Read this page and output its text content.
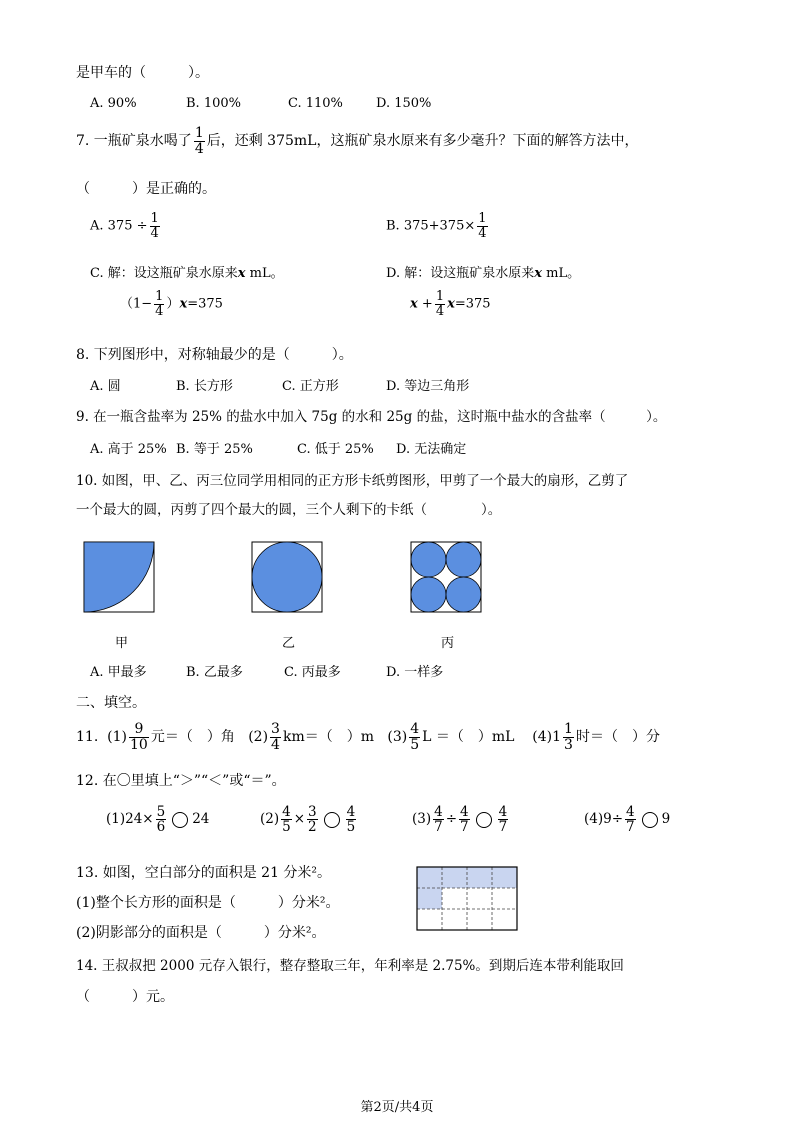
是甲车的（　　　）。
A. 90%	B. 100%	C. 110%	D. 150%
7. 一瓶矿泉水喝了 $\frac{1}{4}$ 后，还剩 375mL，这瓶矿泉水原来有多少毫升？下面的解答方法中，
（　　　）是正确的。
A. $375 \div \frac{1}{4}$	B. $375+375\times \frac{1}{4}$
C. 解：设这瓶矿泉水原来x mL。	D. 解：设这瓶矿泉水原来x mL。
$(1- \frac{1}{4} )x=375$	$x + \frac{1}{4} x=375$
8. 下列图形中，对称轴最少的是（　　　）。
A. 圆	B. 长方形	C. 正方形	D. 等边三角形
9. 在一瓶含盐率为 25% 的盐水中加入 75g 的水和 25g 的盐，这时瓶中盐水的含盐率（　　　）。
A. 高于 25% B. 等于 25%	C. 低于 25% D. 无法确定
10. 如图，甲、乙、丙三位同学用相同的正方形卡纸剪图形，甲剪了一个最大的扇形，乙剪了
一个最大的圆，丙剪了四个最大的圆，三个人剩下的卡纸（　　　　）。
甲	乙	丙
A. 甲最多	B. 乙最多	C. 丙最多	D. 一样多
二、填空。
11. $(1) \frac{9}{10}$ 元＝（　）角 $(2) \frac{3}{4} km=$（　）m $(3) \frac{4}{5}$ L ＝（　）mL $(4)1 \frac{1}{3}$ 时＝（　）分
12. 在〇里填上“＞”“＜”或“＝”。
$(1)24\times \frac{5}{6} 24$	$(2) \frac{4}{5} \times \frac{3}{2} \frac{4}{5}$	$(3) \frac{4}{7} \div \frac{4}{7} \frac{4}{7}$	$(4)9\div \frac{4}{7} 9$
13. 如图，空白部分的面积是 21 分米²。
(1)整个长方形的面积是（　　　）分米²。
(2)阴影部分的面积是（　　　）分米²。
14. 王叔叔把 2000 元存入银行，整存整取三年，年利率是 2.75%。到期后连本带利能取回
（　　　）元。
第2页/共4页
